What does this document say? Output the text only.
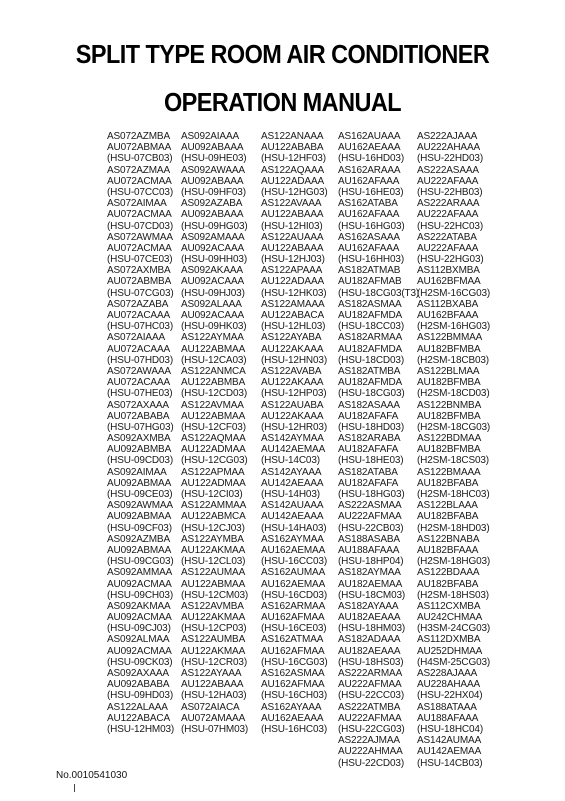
SPLIT TYPE ROOM AIR CONDITIONER
OPERATION MANUAL
AS072AZMBA
AU072ABMAA
(HSU-07CB03)
AS072AZMAA
AU072ACMAA
(HSU-07CC03)
AS072AIMAA
AU072ACMAA
(HSU-07CD03)
AS072AWMAA
AU072ACMAA
(HSU-07CE03)
AS072AXMBA
AU072ABMBA
(HSU-07CG03)
AS072AZABA
AU072ACAAA
(HSU-07HC03)
AS072AIAAA
AU072ACAAA
(HSU-07HD03)
AS072AWAAA
AU072ACAAA
(HSU-07HE03)
AS072AXAAA
AU072ABABA
(HSU-07HG03)
AS092AXMBA
AU092ABMBA
(HSU-09CD03)
AS092AIMAA
AU092ABMAA
(HSU-09CE03)
AS092AWMAA
AU092ABMAA
(HSU-09CF03)
AS092AZMBA
AU092ABMAA
(HSU-09CG03)
AS092AMMAA
AU092ACMAA
(HSU-09CH03)
AS092AKMAA
AU092ACMAA
(HSU-09CJ03)
AS092ALMAA
AU092ACMAA
(HSU-09CK03)
AS092AXAAA
AU092ABABA
(HSU-09HD03)
AS122ALAAA
AU122ABACA
(HSU-12HM03)
AS092AIAAA
AU092ABAAA
(HSU-09HE03)
AS092AWAAA
AU092ABAAA
(HSU-09HF03)
AS092AZABA
AU092ABAAA
(HSU-09HG03)
AS092AMAAA
AU092ACAAA
(HSU-09HH03)
AS092AKAAA
AU092ACAAA
(HSU-09HJ03)
AS092ALAAA
AU092ACAAA
(HSU-09HK03)
AS122AYMAA
AU122ABMAA
(HSU-12CA03)
AS122ANMCA
AU122ABMBA
(HSU-12CD03)
AS122AVMAA
AU122ABMAA
(HSU-12CF03)
AS122AQMAA
AU122ADMAA
(HSU-12CG03)
AS122APMAA
AU122ADMAA
(HSU-12CI03)
AS122AMMAA
AU122ABMCA
(HSU-12CJ03)
AS122AYMBA
AU122AKMAA
(HSU-12CL03)
AS122AUMAA
AU122ABMAA
(HSU-12CM03)
AS122AVMBA
AU122AKMAA
(HSU-12CP03)
AS122AUMBA
AU122AKMAA
(HSU-12CR03)
AS122AYAAA
AU122ABAAA
(HSU-12HA03)
AS072AIACA
AU072AMAAA
(HSU-07HM03)
AS122ANAAA
AU122ABABA
(HSU-12HF03)
AS122AQAAA
AU122ADAAA
(HSU-12HG03)
AS122AVAAA
AU122ABAAA
(HSU-12HI03)
AS122AUAAA
AU122ABAAA
(HSU-12HJ03)
AS122APAAA
AU122ADAAA
(HSU-12HK03)
AS122AMAAA
AU122ABACA
(HSU-12HL03)
AS122AYABA
AU122AKAAA
(HSU-12HN03)
AS122AVABA
AU122AKAAA
(HSU-12HP03)
AS122AUABA
AU122AKAAA
(HSU-12HR03)
AS142AYMAA
AU142AEMAA
(HSU-14C03)
AS142AYAAA
AU142AEAAA
(HSU-14H03)
AS142AUAAA
AU142AEAAA
(HSU-14HA03)
AS162AYMAA
AU162AEMAA
(HSU-16CC03)
AS162AUMAA
AU162AEMAA
(HSU-16CD03)
AS162ARMAA
AU162AFMAA
(HSU-16CE03)
AS162ATMAA
AU162AFMAA
(HSU-16CG03)
AS162ASMAA
AU162AFMAA
(HSU-16CH03)
AS162AYAAA
AU162AEAAA
(HSU-16HC03)
AS162AUAAA
AU162AEAAA
(HSU-16HD03)
AS162ARAAA
AU162AFAAA
(HSU-16HE03)
AS162ATABA
AU162AFAAA
(HSU-16HG03)
AS162ASAAA
AU162AFAAA
(HSU-16HH03)
AS182ATMAB
AU182AFMAB
(HSU-18CG03(T3)
AS182ASMAA
AU182AFMDA
(HSU-18CC03)
AS182ARMAA
AU182AFMDA
(HSU-18CD03)
AS182ATMBA
AU182AFMDA
(HSU-18CG03)
AS182ASAAA
AU182AFAFA
(HSU-18HD03)
AS182ARABA
AU182AFAFA
(HSU-18HE03)
AS182ATABA
AU182AFAFA
(HSU-18HG03)
AS222ASMAA
AU222AFMAA
(HSU-22CB03)
AS188ASABA
AU188AFAAA
(HSU-18HP04)
AS182AYMAA
AU182AEMAA
(HSU-18CM03)
AS182AYAAA
AU182AEAAA
(HSU-18HM03)
AS182ADAAA
AU182AEAAA
(HSU-18HS03)
AS222ARMAA
AU222AFMAA
(HSU-22CC03)
AS222ATMBA
AU222AFMAA
(HSU-22CG03)
AS222AJMAA
AU222AHMAA
(HSU-22CD03)
AS222AJAAA
AU222AHAAA
(HSU-22HD03)
AS222ASAAA
AU222AFAAA
(HSU-22HB03)
AS222ARAAA
AU222AFAAA
(HSU-22HC03)
AS222ATABA
AU222AFAAA
(HSU-22HG03)
AS112BXMBA
AU162BFMAA
(H2SM-16CG03)
AS112BXABA
AU162BFAAA
(H2SM-16HG03)
AS122BMMAA
AU182BFMBA
(H2SM-18CB03)
AS122BLMAA
AU182BFMBA
(H2SM-18CD03)
AS122BNMBA
AU182BFMBA
(H2SM-18CG03)
AS122BDMAA
AU182BFMBA
(H2SM-18CS03)
AS122BMAAA
AU182BFABA
(H2SM-18HC03)
AS122BLAAA
AU182BFABA
(H2SM-18HD03)
AS122BNABA
AU182BFAAA
(H2SM-18HG03)
AS122BDAAA
AU182BFABA
(H2SM-18HS03)
AS112CXMBA
AU242CHMAA
(H3SM-24CG03)
AS112DXMBA
AU252DHMAA
(H4SM-25CG03)
AS228AJAAA
AU228AHAAA
(HSU-22HX04)
AS188ATAAA
AU188AFAAA
(HSU-18HC04)
AS142AUMAA
AU142AEMAA
(HSU-14CB03)
No.0010541030
